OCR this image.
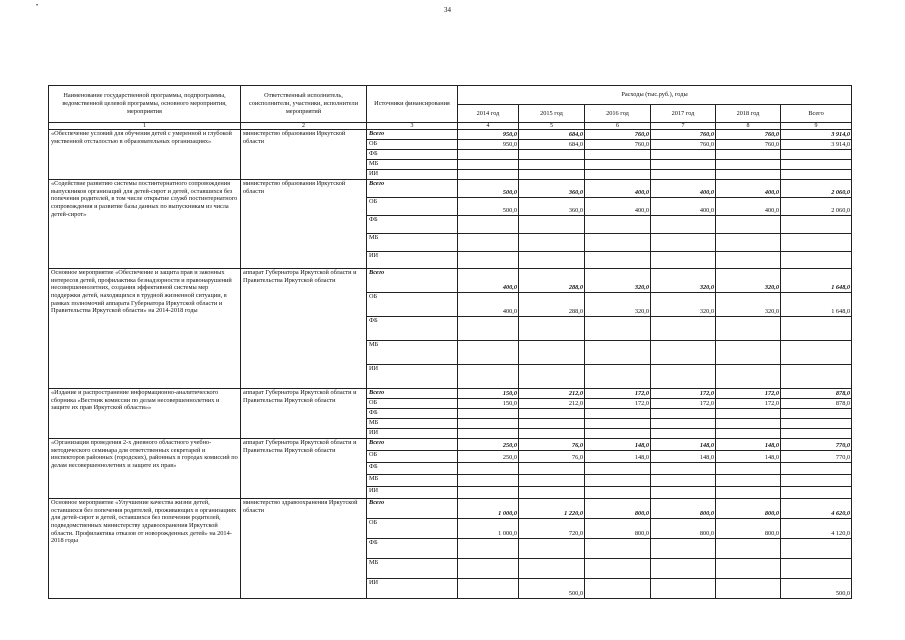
•	34
Наименование государственной программы, подпрограммы, ведомственной целевой программы, основного мероприятия, мероприятия	Ответственный исполнитель, соисполнители, участники, исполнители мероприятий	Источники финансирования	Расходы (тыс.руб.), годы					
			2014 год	2015 год	2016 год	2017 год	2018 год	Всего
1	2	3	4	5	6	7	8	9
«Обеспечение условий для обучения детей с умеренной и глубокой умственной отсталостью в образовательных организациях»	министерство образования Иркутской области	Всего	950,0	684,0	760,0	760,0	760,0	3 914,0
		ОБ	950,0	684,0	760,0	760,0	760,0	3 914,0
		ФБ						
		МБ						
		ИИ						
«Содействие развитию системы постинтернатного сопровождения выпускников организаций для детей-сирот и детей, оставшихся без попечения родителей, в том числе открытие служб постинтернатного сопровождения и развитие базы данных по выпускникам из числа детей-сирот»	министерство образования Иркутской области	Всего	500,0	360,0	400,0	400,0	400,0	2 060,0
		ОБ	500,0	360,0	400,0	400,0	400,0	2 060,0
		ФБ						
		МБ						
		ИИ						
Основное мероприятие «Обеспечение и защита прав и законных интересов детей, профилактика безнадзорности и правонарушений несовершеннолетних, создания эффективной системы мер поддержки детей, находящихся в трудной жизненной ситуации, в рамках полномочий аппарата Губернатора Иркутской области и Правительства Иркутской области» на 2014-2018 годы	аппарат Губернатора Иркутской области и Правительства Иркутской области	Всего	400,0	288,0	320,0	320,0	320,0	1 648,0
		ОБ	400,0	288,0	320,0	320,0	320,0	1 648,0
		ФБ						
		МБ						
		ИИ						
«Издание и распространение информационно-аналитического сборника «Вестник комиссии по делам несовершеннолетних и защите их прав Иркутской области»»	аппарат Губернатора Иркутской области и Правительства Иркутской области	Всего	150,0	212,0	172,0	172,0	172,0	878,0
		ОБ	150,0	212,0	172,0	172,0	172,0	878,0
		ФБ						
		МБ						
		ИИ						
«Организация проведения 2-х дневного областного учебно-методического семинара для ответственных секретарей и инспекторов районных (городских), районных в городах комиссий по делам несовершеннолетних и защите их прав»	аппарат Губернатора Иркутской области и Правительства Иркутской области	Всего	250,0	76,0	148,0	148,0	148,0	770,0
		ОБ	250,0	76,0	148,0	148,0	148,0	770,0
		ФБ						
		МБ						
		ИИ						
Основное мероприятие «Улучшение качества жизни детей, оставшихся без попечения родителей, проживающих в организациях для детей-сирот и детей, оставшихся без попечения родителей, подведомственных министерству здравоохранения Иркутской области. Профилактика отказов от новорожденных детей» на 2014-2018 годы	министерство здравоохранения Иркутской области	Всего	1 000,0	1 220,0	800,0	800,0	800,0	4 620,0
		ОБ	1 000,0	720,0	800,0	800,0	800,0	4 120,0
		ФБ						
		МБ						
		ИИ		500,0				500,0
